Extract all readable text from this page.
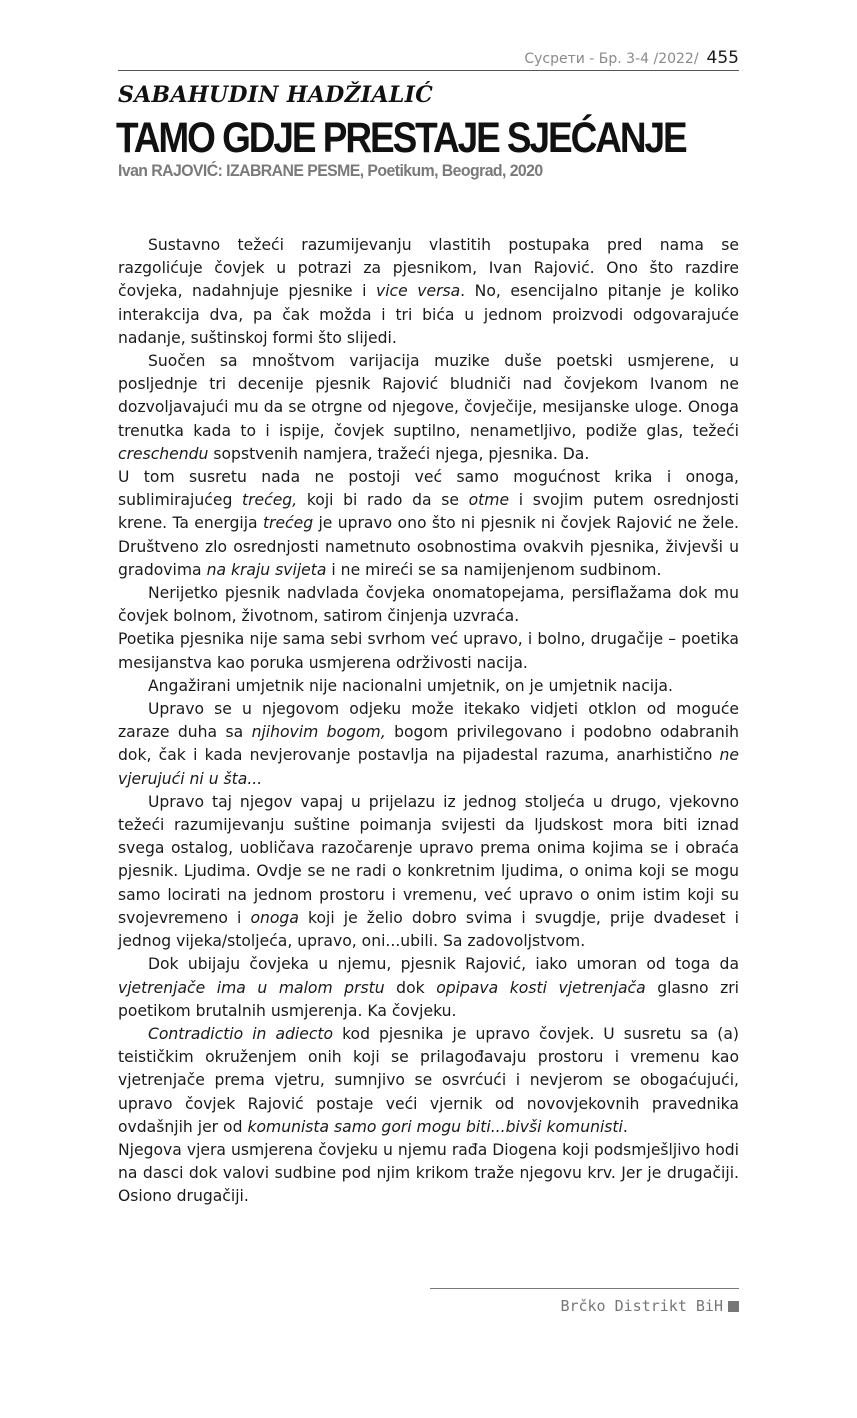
Сусрети - Бр. 3-4 /2022/ 455
SABAHUDIN HADŽIALIĆ
TAMO GDJE PRESTAJE SJEĆANJE
Ivan RAJOVIĆ: IZABRANE PESME, Poetikum, Beograd, 2020

Sustavno težeći razumijevanju vlastitih postupaka pred nama se razgolićuje čovjek u potrazi za pjesnikom, Ivan Rajović. Ono što razdire čovjeka, nadahnjuje pjesnike i vice versa. No, esencijalno pitanje je koliko interakcija dva, pa čak možda i tri bića u jednom proizvodi odgovarajuće nadanje, suštinskoj formi što slijedi.

Suočen sa mnoštvom varijacija muzike duše poetski usmjerene, u posljednje tri decenije pjesnik Rajović bludniči nad čovjekom Ivanom ne dozvoljavajući mu da se otrgne od njegove, čovječije, mesijanske uloge. Onoga trenutka kada to i ispije, čovjek suptilno, nenametljivo, podiže glas, težeći creschendu sopstvenih namjera, tražeći njega, pjesnika. Da.

U tom susretu nada ne postoji već samo mogućnost krika i onoga, sublimirajućeg trećeg, koji bi rado da se otme i svojim putem osrednjosti krene. Ta energija trećeg je upravo ono što ni pjesnik ni čovjek Rajović ne žele. Društveno zlo osrednjosti nametnuto osobnostima ovakvih pjesnika, živjevši u gradovima na kraju svijeta i ne mireći se sa namijenjenom sudbinom.

Nerijetko pjesnik nadvlada čovjeka onomatopejama, persiflažama dok mu čovjek bolnom, životnom, satirom činjenja uzvraća.

Poetika pjesnika nije sama sebi svrhom već upravo, i bolno, drugačije – poetika mesijanstva kao poruka usmjerena održivosti nacija.

Angažirani umjetnik nije nacionalni umjetnik, on je umjetnik nacija.

Upravo se u njegovom odjeku može itekako vidjeti otklon od moguće zaraze duha sa njihovim bogom, bogom privilegovano i podobno odabranih dok, čak i kada nevjerovanje postavlja na pijadestal razuma, anarhistično ne vjerujući ni u šta...

Upravo taj njegov vapaj u prijelazu iz jednog stoljeća u drugo, vjekovno težeći razumijevanju suštine poimanja svijesti da ljudskost mora biti iznad svega ostalog, uobličava razočarenje upravo prema onima kojima se i obraća pjesnik. Ljudima. Ovdje se ne radi o konkretnim ljudima, o onima koji se mogu samo locirati na jednom prostoru i vremenu, već upravo o onim istim koji su svojevremeno i onoga koji je želio dobro svima i svugdje, prije dvadeset i jednog vijeka/stoljeća, upravo, oni...ubili. Sa zadovoljstvom.

Dok ubijaju čovjeka u njemu, pjesnik Rajović, iako umoran od toga da vjetrenjače ima u malom prstu dok opipava kosti vjetrenjača glasno zri poetikom brutalnih usmjerenja. Ka čovjeku.

Contradictio in adiecto kod pjesnika je upravo čovjek. U susretu sa (a) teističkim okruženjem onih koji se prilagođavaju prostoru i vremenu kao vjetrenjače prema vjetru, sumnjivo se osvrćući i nevjerom se obogaćujući, upravo čovjek Rajović postaje veći vjernik od novovjekovnih pravednika ovdašnjih jer od komunista samo gori mogu biti...bivši komunisti.

Njegova vjera usmjerena čovjeku u njemu rađa Diogena koji podsmješljivo hodi na dasci dok valovi sudbine pod njim krikom traže njegovu krv. Jer je drugačiji. Osiono drugačiji.

Brčko Distrikt BiH
